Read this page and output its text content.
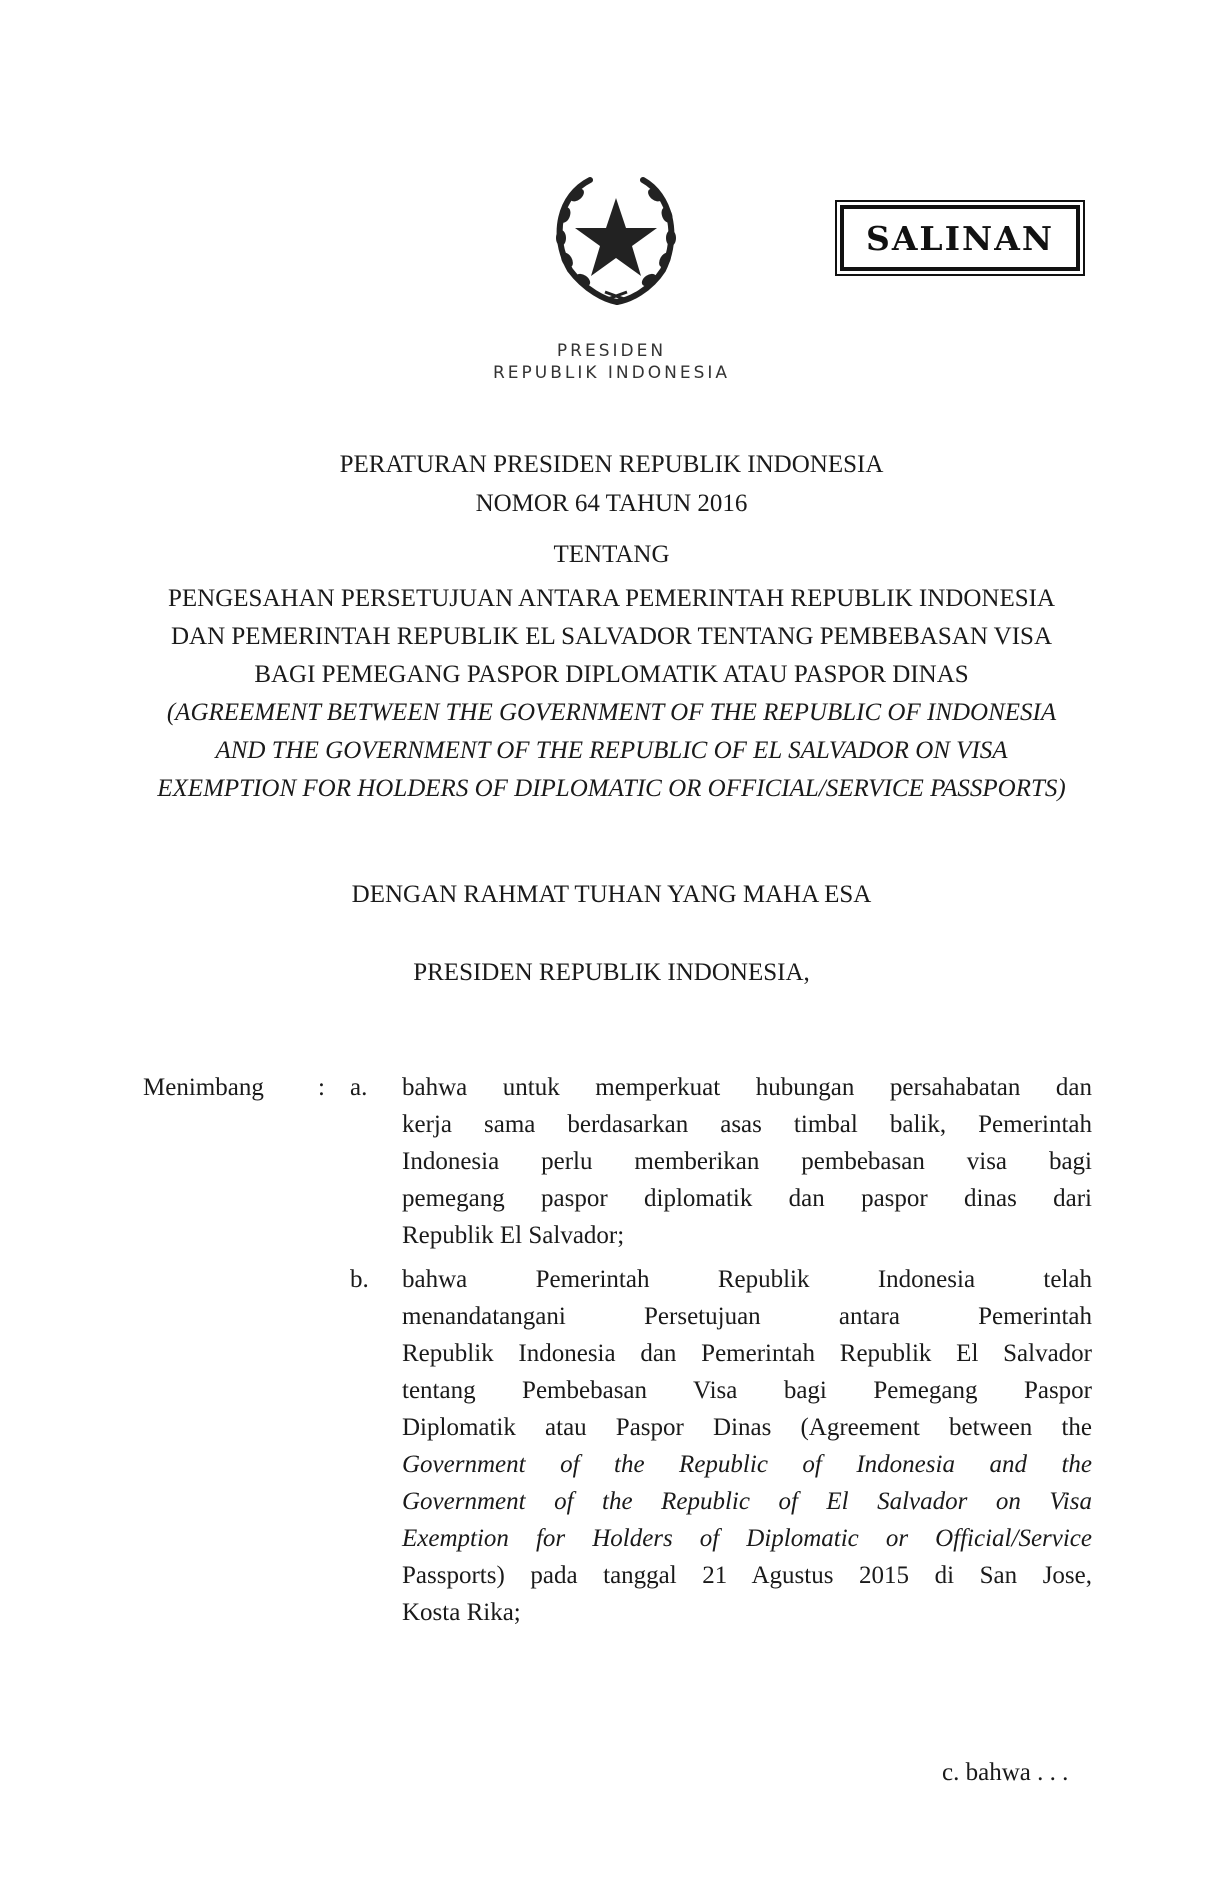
SALINAN
PRESIDEN
REPUBLIK INDONESIA
PERATURAN PRESIDEN REPUBLIK INDONESIA
NOMOR 64 TAHUN 2016
TENTANG
PENGESAHAN PERSETUJUAN ANTARA PEMERINTAH REPUBLIK INDONESIA
DAN PEMERINTAH REPUBLIK EL SALVADOR TENTANG PEMBEBASAN VISA
BAGI PEMEGANG PASPOR DIPLOMATIK ATAU PASPOR DINAS
(AGREEMENT BETWEEN THE GOVERNMENT OF THE REPUBLIC OF INDONESIA
AND THE GOVERNMENT OF THE REPUBLIC OF EL SALVADOR ON VISA
EXEMPTION FOR HOLDERS OF DIPLOMATIC OR OFFICIAL/SERVICE PASSPORTS)
DENGAN RAHMAT TUHAN YANG MAHA ESA
PRESIDEN REPUBLIK INDONESIA,
Menimbang : a. bahwa untuk memperkuat hubungan persahabatan dan
kerja sama berdasarkan asas timbal balik, Pemerintah
Indonesia perlu memberikan pembebasan visa bagi
pemegang paspor diplomatik dan paspor dinas dari
Republik El Salvador;
b. bahwa Pemerintah Republik Indonesia telah
menandatangani Persetujuan antara Pemerintah
Republik Indonesia dan Pemerintah Republik El Salvador
tentang Pembebasan Visa bagi Pemegang Paspor
Diplomatik atau Paspor Dinas (Agreement between the
Government of the Republic of Indonesia and the
Government of the Republic of El Salvador on Visa
Exemption for Holders of Diplomatic or Official/Service
Passports) pada tanggal 21 Agustus 2015 di San Jose,
Kosta Rika;
c. bahwa . . .
